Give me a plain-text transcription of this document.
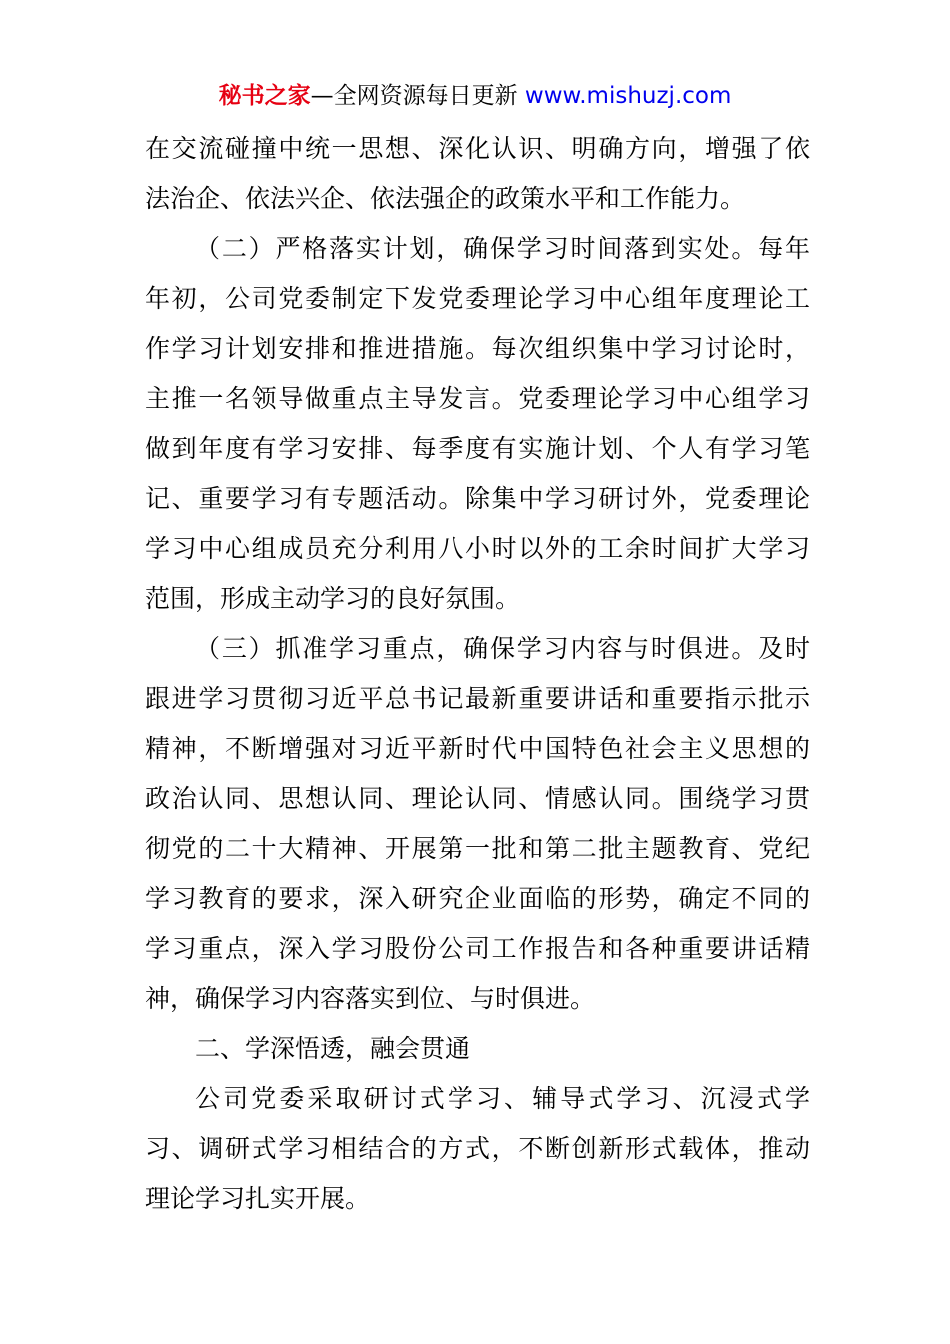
秘书之家—全网资源每日更新 www.mishuzj.com
在交流碰撞中统一思想、深化认识、明确方向，增强了依
法治企、依法兴企、依法强企的政策水平和工作能力。
（二）严格落实计划，确保学习时间落到实处。每年
年初，公司党委制定下发党委理论学习中心组年度理论工
作学习计划安排和推进措施。每次组织集中学习讨论时，
主推一名领导做重点主导发言。党委理论学习中心组学习
做到年度有学习安排、每季度有实施计划、个人有学习笔
记、重要学习有专题活动。除集中学习研讨外，党委理论
学习中心组成员充分利用八小时以外的工余时间扩大学习
范围，形成主动学习的良好氛围。
（三）抓准学习重点，确保学习内容与时俱进。及时
跟进学习贯彻习近平总书记最新重要讲话和重要指示批示
精神，不断增强对习近平新时代中国特色社会主义思想的
政治认同、思想认同、理论认同、情感认同。围绕学习贯
彻党的二十大精神、开展第一批和第二批主题教育、党纪
学习教育的要求，深入研究企业面临的形势，确定不同的
学习重点，深入学习股份公司工作报告和各种重要讲话精
神，确保学习内容落实到位、与时俱进。
二、学深悟透，融会贯通
公司党委采取研讨式学习、辅导式学习、沉浸式学
习、调研式学习相结合的方式，不断创新形式载体，推动
理论学习扎实开展。
